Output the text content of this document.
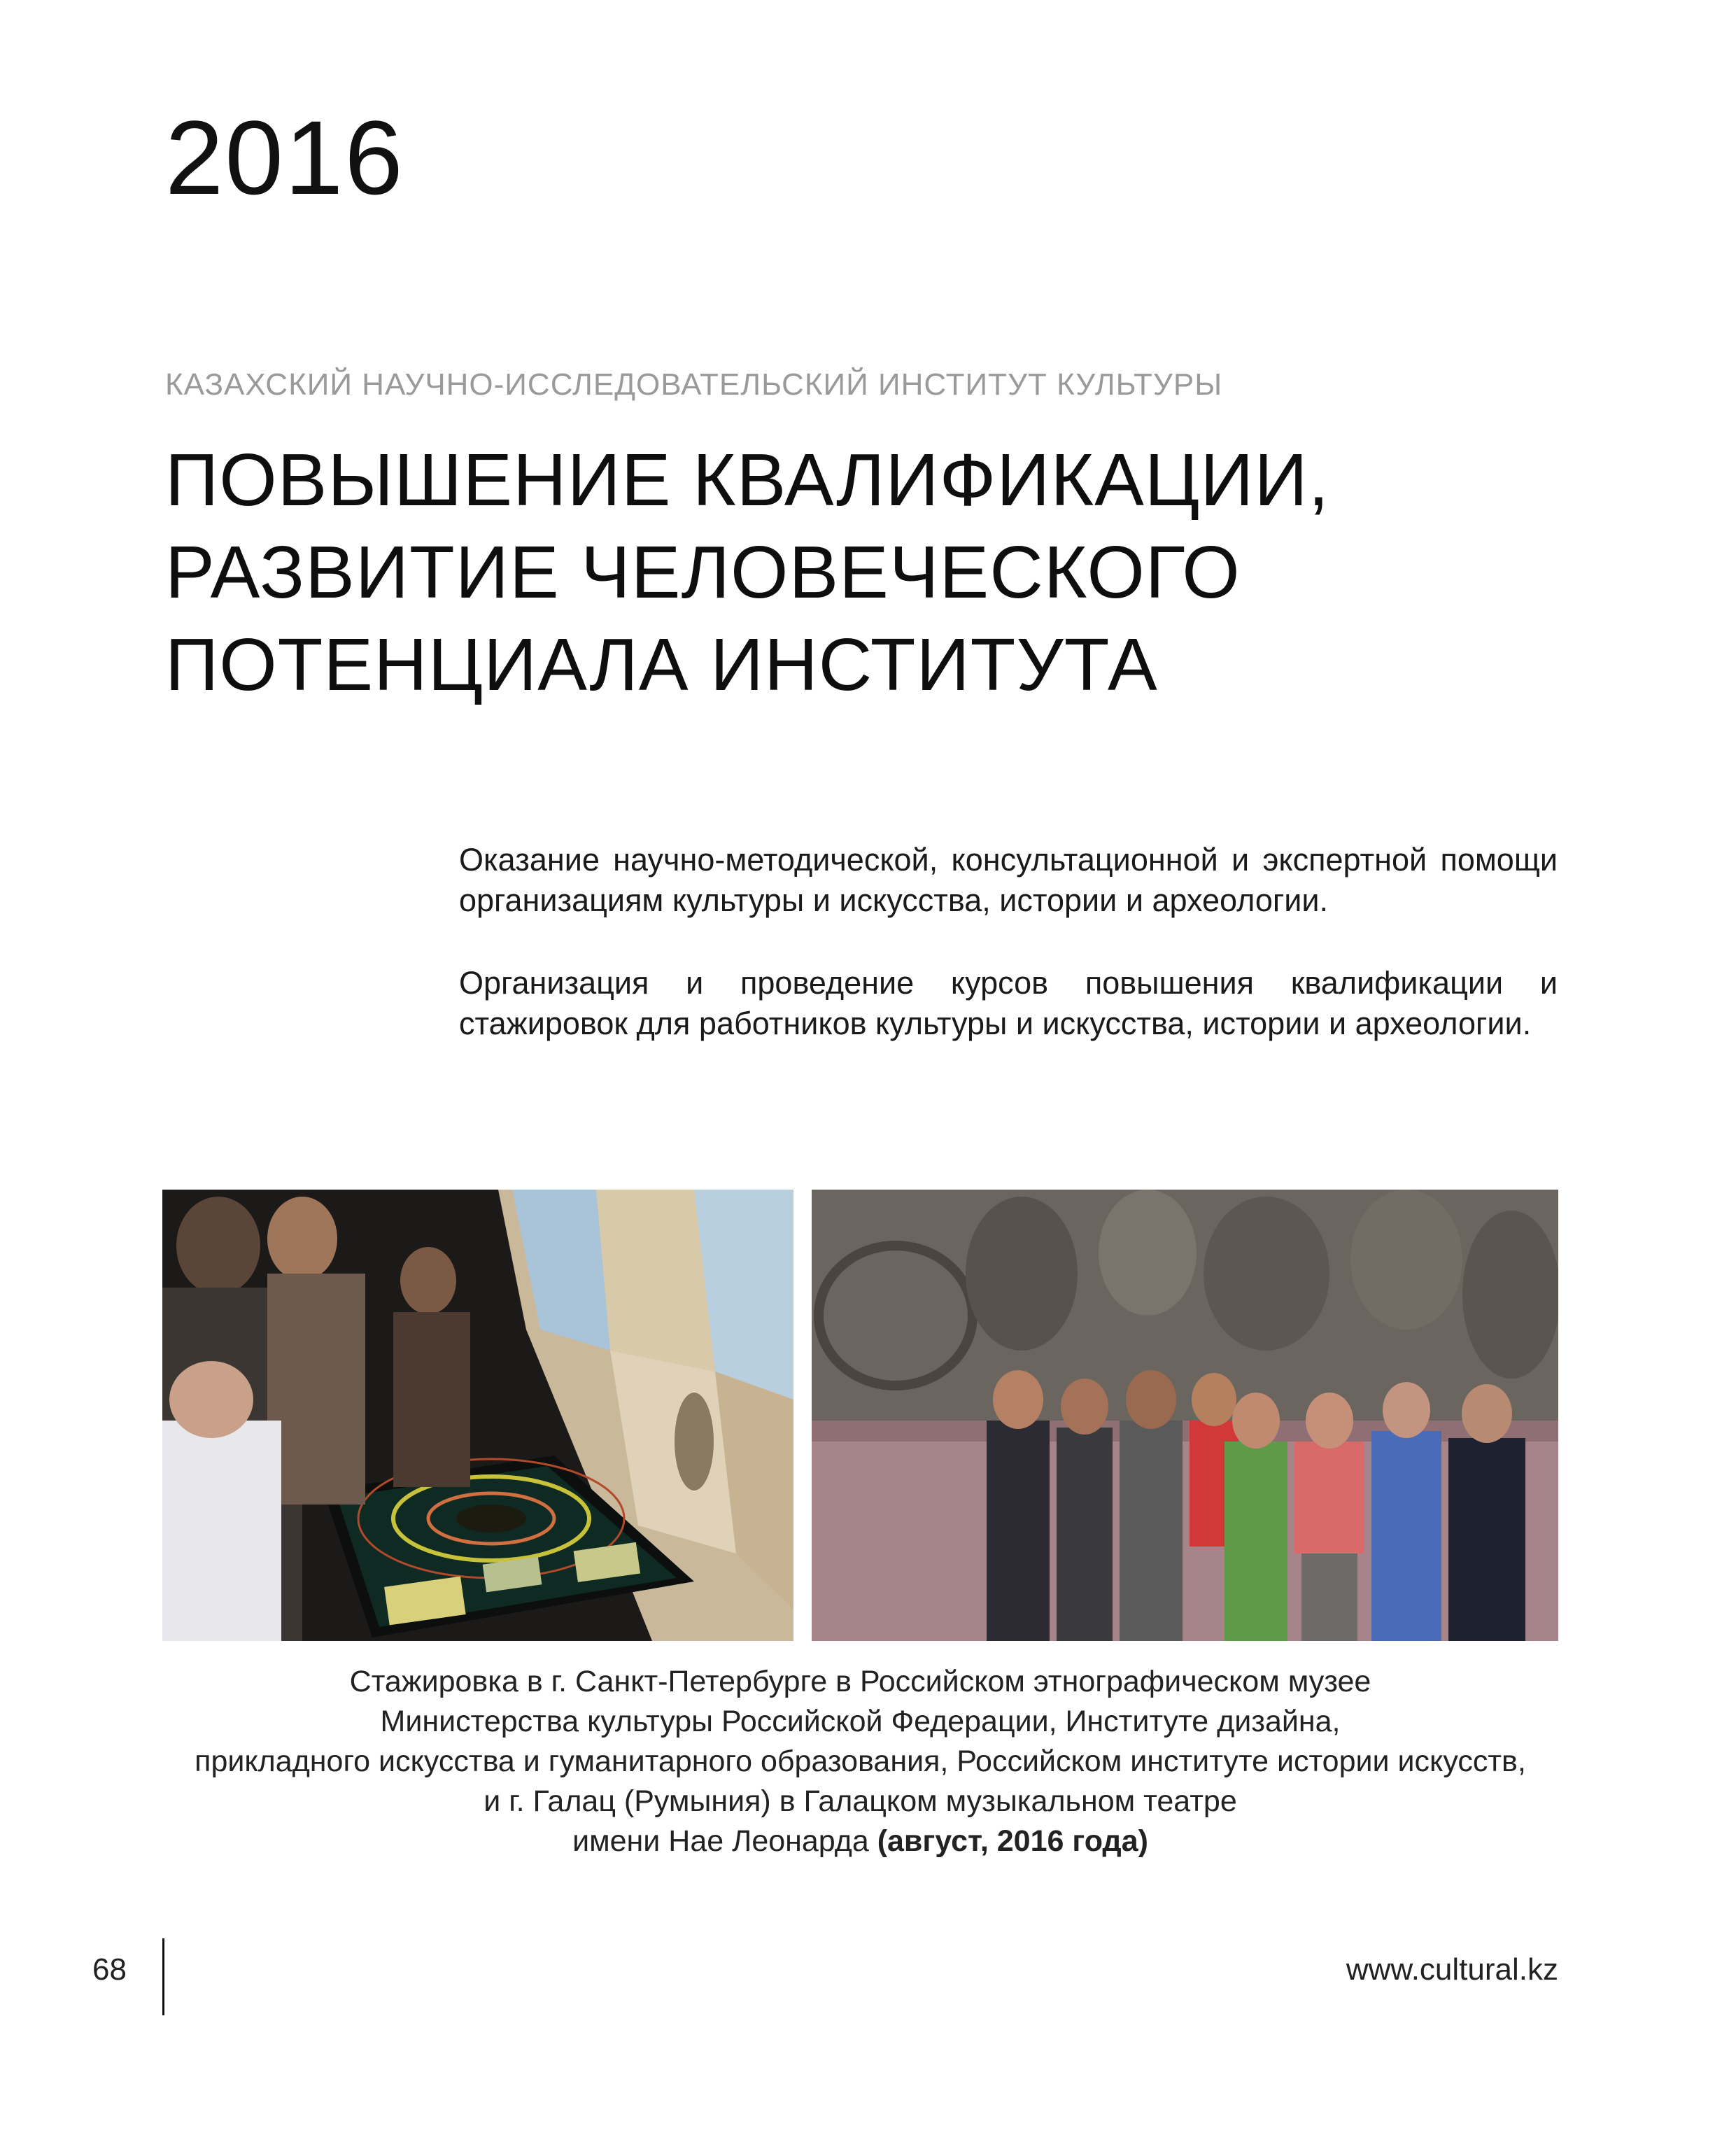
2016
КАЗАХСКИЙ НАУЧНО-ИССЛЕДОВАТЕЛЬСКИЙ ИНСТИТУТ КУЛЬТУРЫ
ПОВЫШЕНИЕ КВАЛИФИКАЦИИ,
РАЗВИТИЕ ЧЕЛОВЕЧЕСКОГО
ПОТЕНЦИАЛА ИНСТИТУТА

Оказание научно-методической, консультационной и экспертной помощи организациям культуры и искусства, истории и археологии.

Организация и проведение курсов повышения квалификации и стажировок для работников культуры и искусства, истории и археологии.

Стажировка в г. Санкт-Петербурге в Российском этнографическом музее
Министерства культуры Российской Федерации, Институте дизайна,
прикладного искусства и гуманитарного образования, Российском институте истории искусств,
и г. Галац (Румыния) в Галацком музыкальном театре
имени Нае Леонарда (август, 2016 года)
68	www.cultural.kz
